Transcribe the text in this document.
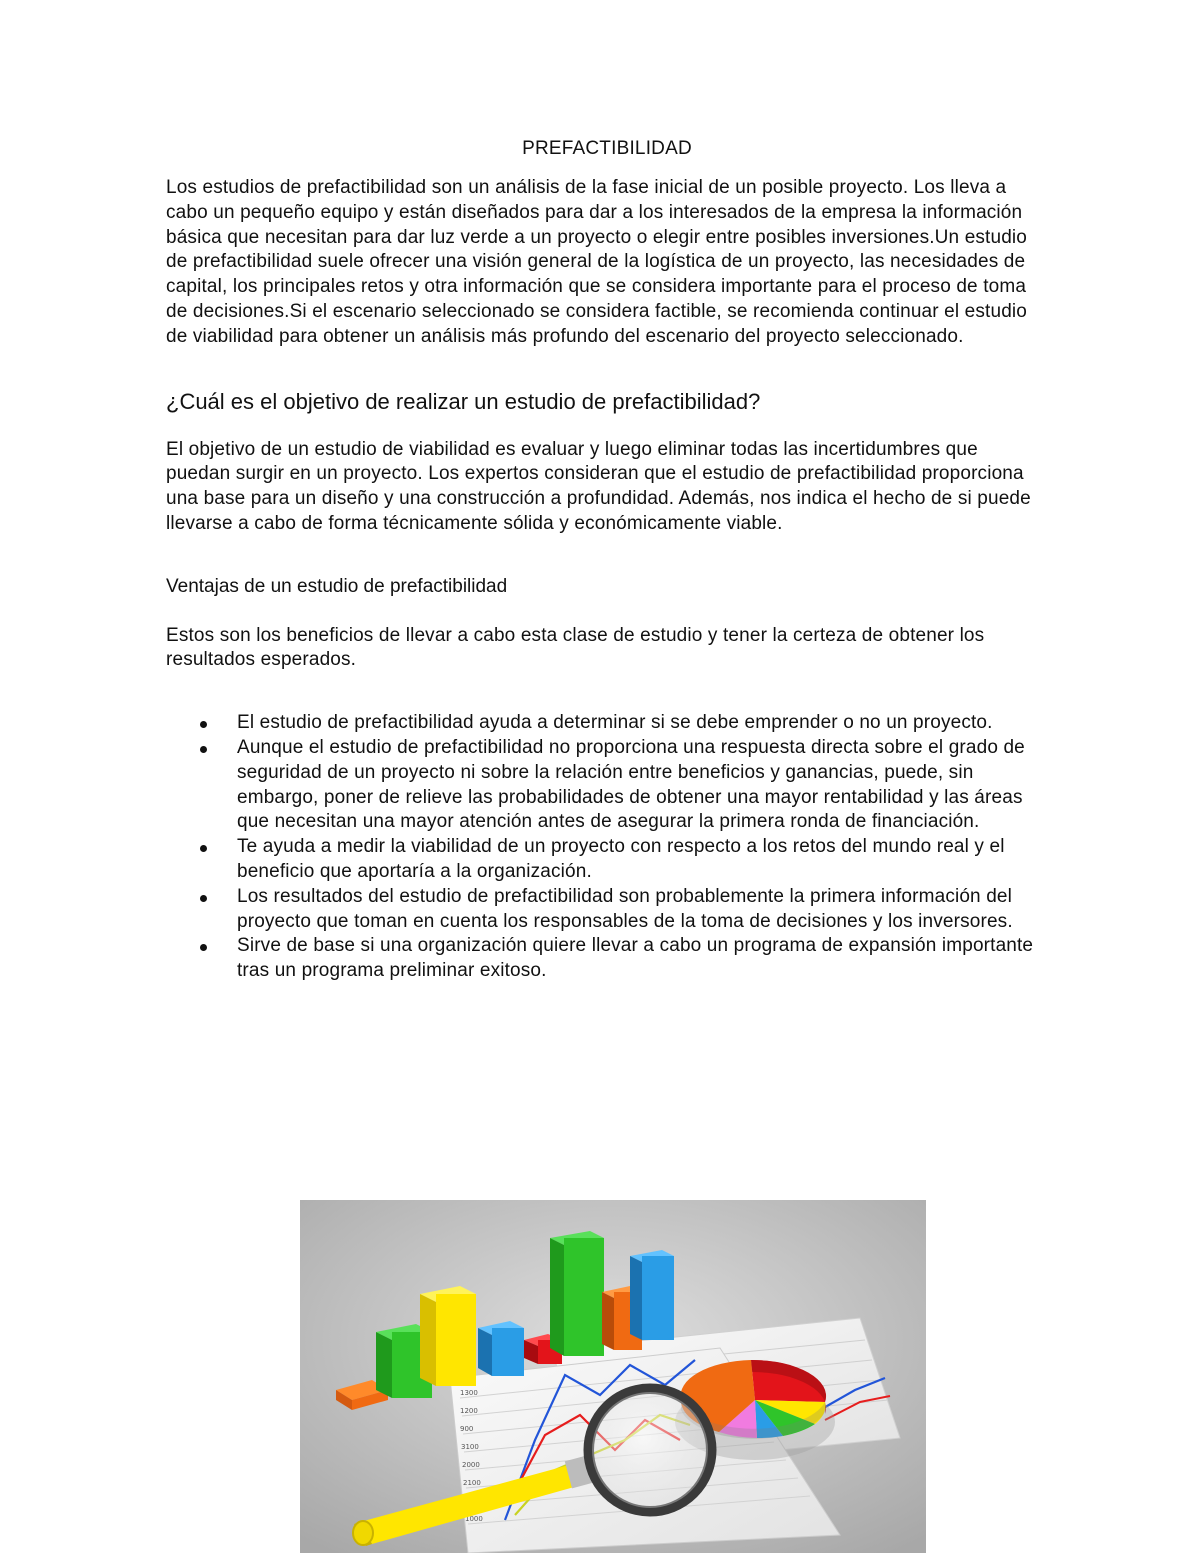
PREFACTIBILIDAD

Los estudios de prefactibilidad son un análisis de la fase inicial de un posible proyecto. Los lleva a cabo un pequeño equipo y están diseñados para dar a los interesados de la empresa la información básica que necesitan para dar luz verde a un proyecto o elegir entre posibles inversiones.Un estudio de prefactibilidad suele ofrecer una visión general de la logística de un proyecto, las necesidades de capital, los principales retos y otra información que se considera importante para el proceso de toma de decisiones.Si el escenario seleccionado se considera factible, se recomienda continuar el estudio de viabilidad para obtener un análisis más profundo del escenario del proyecto seleccionado.

¿Cuál es el objetivo de realizar un estudio de prefactibilidad?

El objetivo de un estudio de viabilidad es evaluar y luego eliminar todas las incertidumbres que puedan surgir en un proyecto. Los expertos consideran que el estudio de prefactibilidad proporciona una base para un diseño y una construcción a profundidad. Además, nos indica el hecho de si puede llevarse a cabo de forma técnicamente sólida y económicamente viable.

Ventajas de un estudio de prefactibilidad

Estos son los beneficios de llevar a cabo esta clase de estudio y tener la certeza de obtener los resultados esperados.

El estudio de prefactibilidad ayuda a determinar si se debe emprender o no un proyecto.
Aunque el estudio de prefactibilidad no proporciona una respuesta directa sobre el grado de seguridad de un proyecto ni sobre la relación entre beneficios y ganancias, puede, sin embargo, poner de relieve las probabilidades de obtener una mayor rentabilidad y las áreas que necesitan una mayor atención antes de asegurar la primera ronda de financiación.
Te ayuda a medir la viabilidad de un proyecto con respecto a los retos del mundo real y el beneficio que aportaría a la organización.
Los resultados del estudio de prefactibilidad son probablemente la primera información del proyecto que toman en cuenta los responsables de la toma de decisiones y los inversores.
Sirve de base si una organización quiere llevar a cabo un programa de expansión importante tras un programa preliminar exitoso.
1300
1200
900
3100
2000
2100
1000
